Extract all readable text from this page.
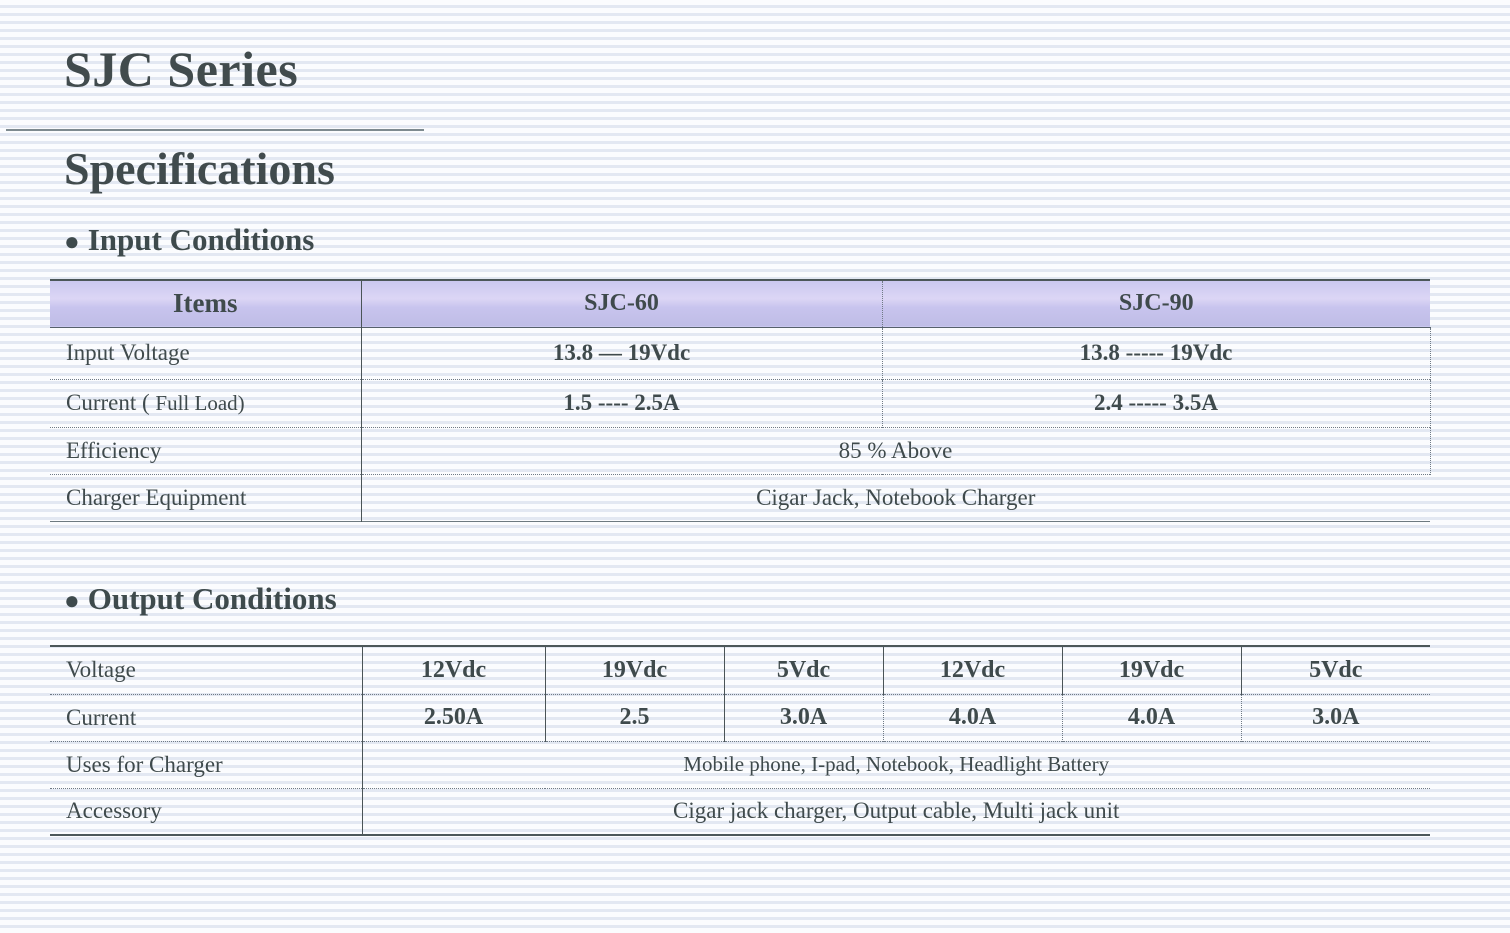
SJC Series
Specifications
● Input Conditions
Items	SJC-60	SJC-90
Input Voltage	13.8 — 19Vdc	13.8 ----- 19Vdc
Current ( Full Load)	1.5 ---- 2.5A	2.4 ----- 3.5A
Efficiency	85 % Above	
Charger Equipment	Cigar Jack, Notebook Charger	
● Output Conditions
Voltage	12Vdc	19Vdc	5Vdc	12Vdc	19Vdc	5Vdc
Current	2.50A	2.5	3.0A	4.0A	4.0A	3.0A
Uses for Charger	Mobile phone, I-pad, Notebook, Headlight Battery					
Accessory	Cigar jack charger, Output cable, Multi jack unit					
